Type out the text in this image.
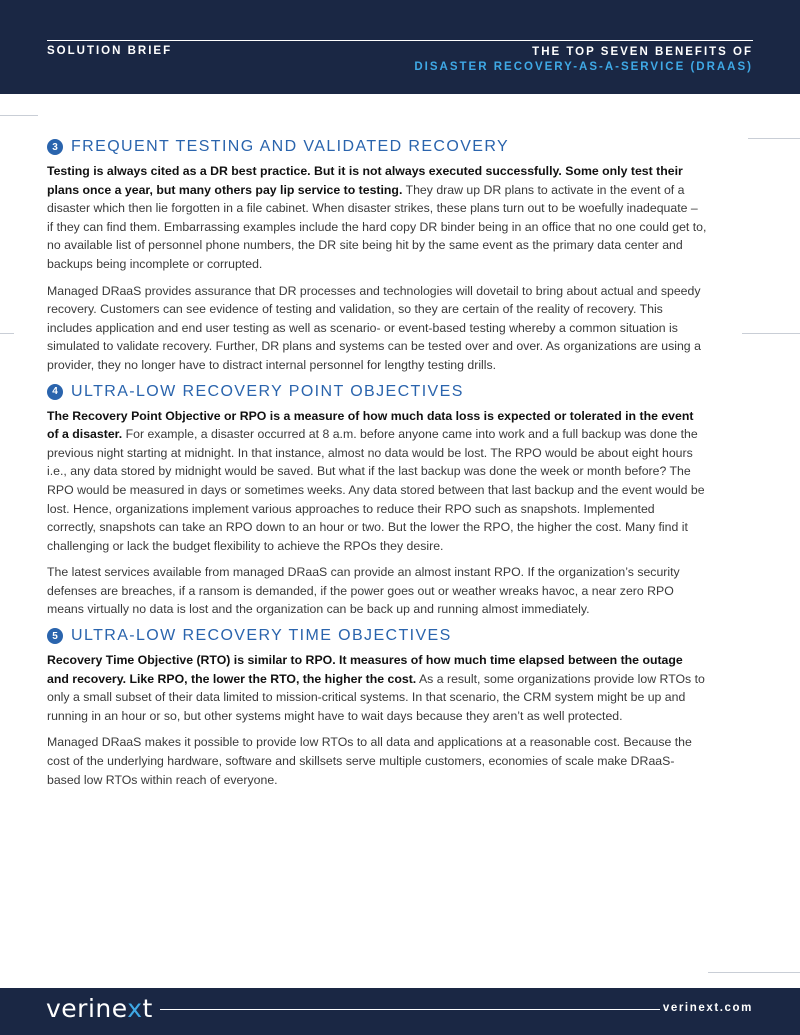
SOLUTION BRIEF	THE TOP SEVEN BENEFITS OF
DISASTER RECOVERY-AS-A-SERVICE (DRAAS)
3 FREQUENT TESTING AND VALIDATED RECOVERY

Testing is always cited as a DR best practice. But it is not always executed successfully. Some only test their plans once a year, but many others pay lip service to testing. They draw up DR plans to activate in the event of a disaster which then lie forgotten in a file cabinet. When disaster strikes, these plans turn out to be woefully inadequate – if they can find them. Embarrassing examples include the hard copy DR binder being in an office that no one could get to, no available list of personnel phone numbers, the DR site being hit by the same event as the primary data center and backups being incomplete or corrupted.

Managed DRaaS provides assurance that DR processes and technologies will dovetail to bring about actual and speedy recovery. Customers can see evidence of testing and validation, so they are certain of the reality of recovery. This includes application and end user testing as well as scenario- or event-based testing whereby a common situation is simulated to validate recovery. Further, DR plans and systems can be tested over and over. As organizations are using a provider, they no longer have to distract internal personnel for lengthy testing drills.

4 ULTRA-LOW RECOVERY POINT OBJECTIVES

The Recovery Point Objective or RPO is a measure of how much data loss is expected or tolerated in the event of a disaster. For example, a disaster occurred at 8 a.m. before anyone came into work and a full backup was done the previous night starting at midnight. In that instance, almost no data would be lost. The RPO would be about eight hours i.e., any data stored by midnight would be saved. But what if the last backup was done the week or month before? The RPO would be measured in days or sometimes weeks. Any data stored between that last backup and the event would be lost. Hence, organizations implement various approaches to reduce their RPO such as snapshots. Implemented correctly, snapshots can take an RPO down to an hour or two. But the lower the RPO, the higher the cost. Many find it challenging or lack the budget flexibility to achieve the RPOs they desire.

The latest services available from managed DRaaS can provide an almost instant RPO. If the organization’s security defenses are breaches, if a ransom is demanded, if the power goes out or weather wreaks havoc, a near zero RPO means virtually no data is lost and the organization can be back up and running almost immediately.

5 ULTRA-LOW RECOVERY TIME OBJECTIVES

Recovery Time Objective (RTO) is similar to RPO. It measures of how much time elapsed between the outage and recovery. Like RPO, the lower the RTO, the higher the cost. As a result, some organizations provide low RTOs to only a small subset of their data limited to mission-critical systems. In that scenario, the CRM system might be up and running in an hour or so, but other systems might have to wait days because they aren’t as well protected.

Managed DRaaS makes it possible to provide low RTOs to all data and applications at a reasonable cost. Because the cost of the underlying hardware, software and skillsets serve multiple customers, economies of scale make DRaaS-based low RTOs within reach of everyone.

verinext	verinext.com
